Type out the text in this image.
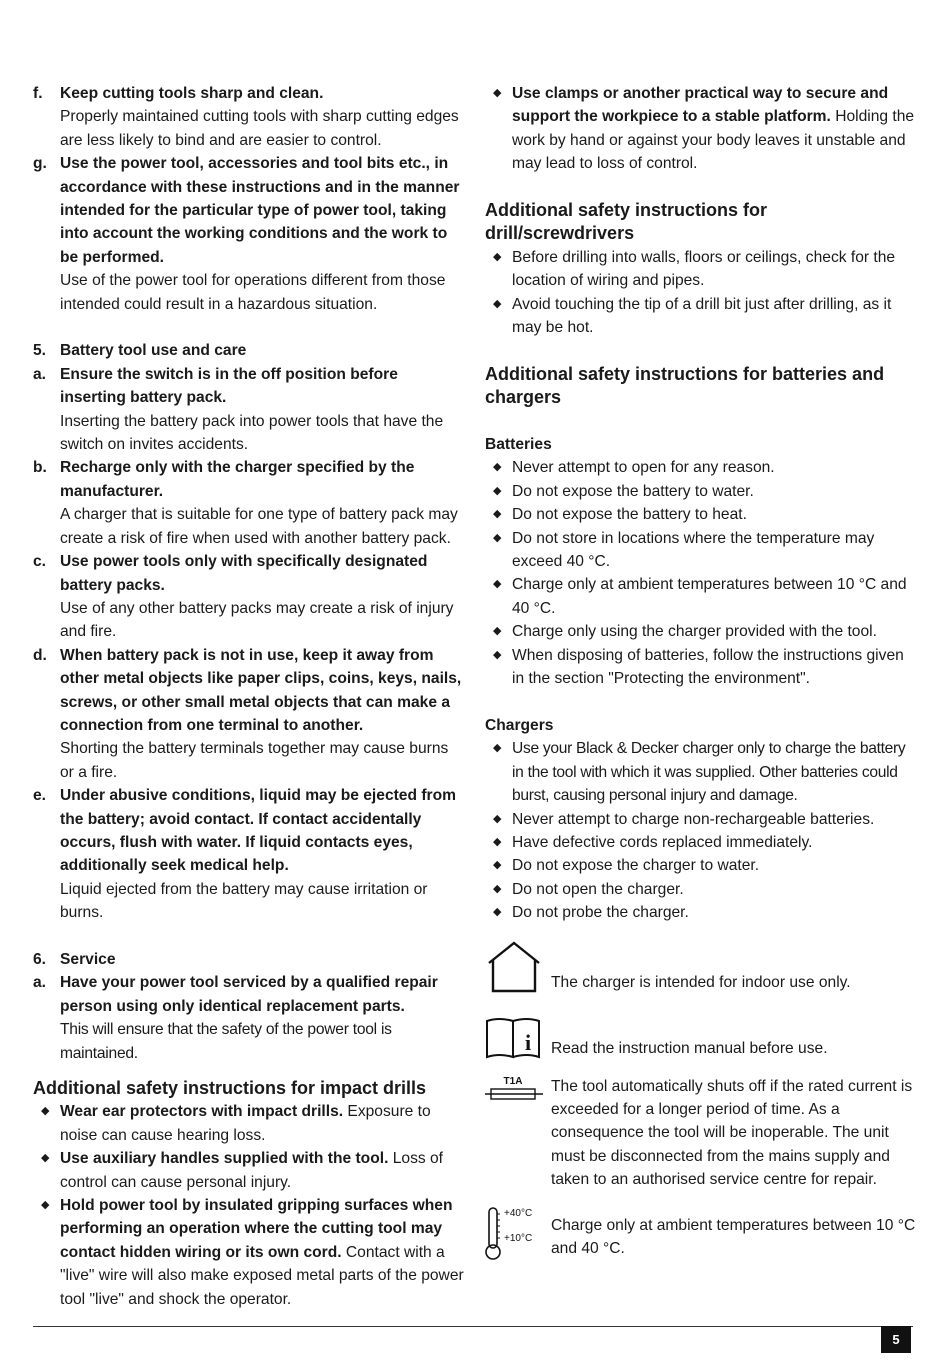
f.	Keep cutting tools sharp and clean.
Properly maintained cutting tools with sharp cutting edges are less likely to bind and are easier to control.
g. Use the power tool, accessories and tool bits etc., in accordance with these instructions and in the manner intended for the particular type of power tool, taking into account the working conditions and the work to be performed.
Use of the power tool for operations different from those intended could result in a hazardous situation.
5. Battery tool use and care
a. Ensure the switch is in the off position before inserting battery pack.
Inserting the battery pack into power tools that have the switch on invites accidents.
b. Recharge only with the charger specified by the manufacturer.
A charger that is suitable for one type of battery pack may create a risk of fire when used with another battery pack.
c. Use power tools only with specifically designated battery packs.
Use of any other battery packs may create a risk of injury and fire.
d. When battery pack is not in use, keep it away from other metal objects like paper clips, coins, keys, nails, screws, or other small metal objects that can make a connection from one terminal to another.
Shorting the battery terminals together may cause burns or a fire.
e. Under abusive conditions, liquid may be ejected from the battery; avoid contact. If contact accidentally occurs, flush with water. If liquid contacts eyes, additionally seek medical help.
Liquid ejected from the battery may cause irritation or burns.
6. Service
a. Have your power tool serviced by a qualified repair person using only identical replacement parts.
This will ensure that the safety of the power tool is maintained.
Additional safety instructions for impact drills
◆ Wear ear protectors with impact drills. Exposure to noise can cause hearing loss.
◆ Use auxiliary handles supplied with the tool. Loss of control can cause personal injury.
◆ Hold power tool by insulated gripping surfaces when performing an operation where the cutting tool may contact hidden wiring or its own cord. Contact with a "live" wire will also make exposed metal parts of the power tool "live" and shock the operator.
◆ Use clamps or another practical way to secure and support the workpiece to a stable platform. Holding the work by hand or against your body leaves it unstable and may lead to loss of control.
Additional safety instructions for drill/screwdrivers
◆ Before drilling into walls, floors or ceilings, check for the location of wiring and pipes.
◆ Avoid touching the tip of a drill bit just after drilling, as it may be hot.
Additional safety instructions for batteries and chargers
Batteries
◆ Never attempt to open for any reason.
◆ Do not expose the battery to water.
◆ Do not expose the battery to heat.
◆ Do not store in locations where the temperature may exceed 40 °C.
◆ Charge only at ambient temperatures between 10 °C and 40 °C.
◆ Charge only using the charger provided with the tool.
◆ When disposing of batteries, follow the instructions given in the section "Protecting the environment".
Chargers
◆ Use your Black & Decker charger only to charge the battery in the tool with which it was supplied. Other batteries could burst, causing personal injury and damage.
◆ Never attempt to charge non-rechargeable batteries.
◆ Have defective cords replaced immediately.
◆ Do not expose the charger to water.
◆ Do not open the charger.
◆ Do not probe the charger.
The charger is intended for indoor use only.
i Read the instruction manual before use.
T1A The tool automatically shuts off if the rated current is exceeded for a longer period of time. As a consequence the tool will be inoperable. The unit must be disconnected from the mains supply and taken to an authorised service centre for repair.
+40°C
+10°C
Charge only at ambient temperatures between 10 °C and 40 °C.
5
